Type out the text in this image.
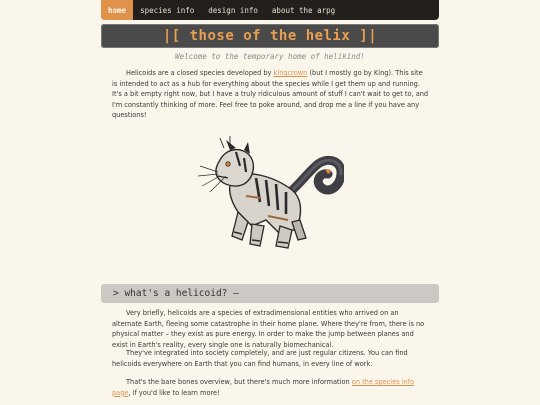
home	species info	design info	about the arpg
|[ those of the helix ]|
Welcome to the temporary home of helikind!

Helicoids are a closed species developed by kingcrown (but I mostly go by King). This site is intended to act as a hub for everything about the species while I get them up and running. It's a bit empty right now, but I have a truly ridiculous amount of stuff I can't wait to get to, and I'm constantly thinking of more. Feel free to poke around, and drop me a line if you have any questions!

> what's a helicoid? —

Very briefly, helicoids are a species of extradimensional entities who arrived on an alternate Earth, fleeing some catastrophe in their home plane. Where they're from, there is no physical matter – they exist as pure energy. In order to make the jump between planes and exist in Earth's reality, every single one is naturally biomechanical.

They've integrated into society completely, and are just regular citizens. You can find helicoids everywhere on Earth that you can find humans, in every line of work.

That's the bare bones overview, but there's much more information on the species info page, if you'd like to learn more!
